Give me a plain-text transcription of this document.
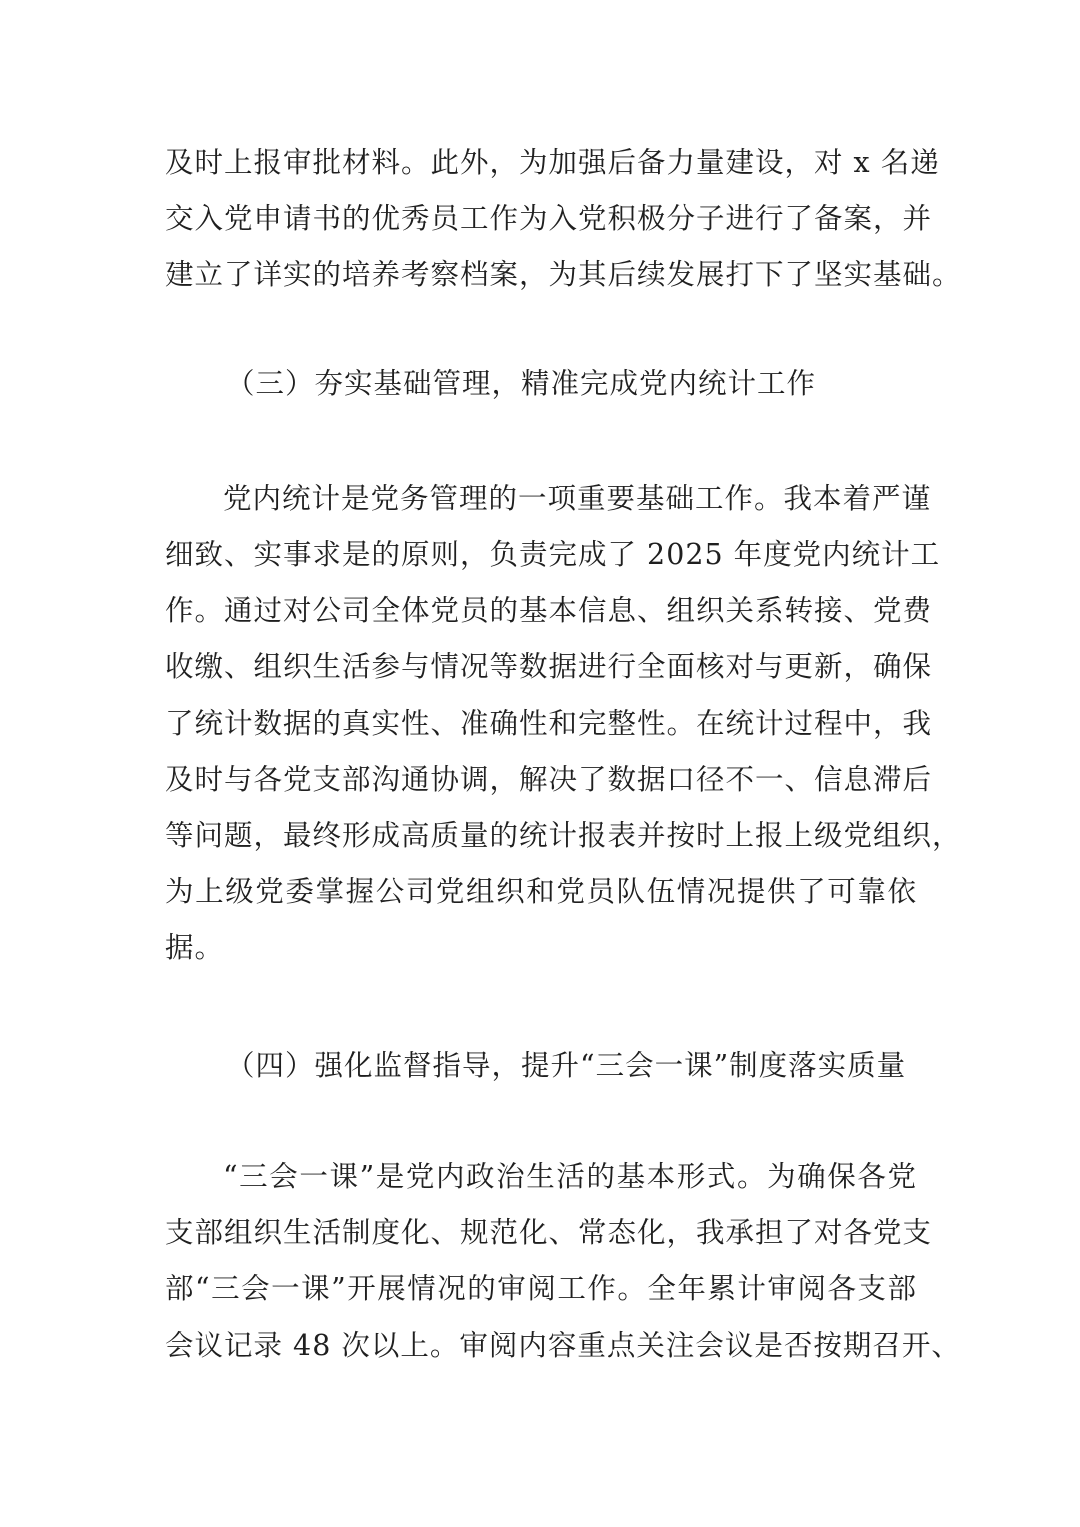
及时上报审批材料。此外，为加强后备力量建设，对 x 名递
交入党申请书的优秀员工作为入党积极分子进行了备案，并
建立了详实的培养考察档案，为其后续发展打下了坚实基础。
（三）夯实基础管理，精准完成党内统计工作
党内统计是党务管理的一项重要基础工作。我本着严谨
细致、实事求是的原则，负责完成了 2025 年度党内统计工
作。通过对公司全体党员的基本信息、组织关系转接、党费
收缴、组织生活参与情况等数据进行全面核对与更新，确保
了统计数据的真实性、准确性和完整性。在统计过程中，我
及时与各党支部沟通协调，解决了数据口径不一、信息滞后
等问题，最终形成高质量的统计报表并按时上报上级党组织，
为上级党委掌握公司党组织和党员队伍情况提供了可靠依
据。
（四）强化监督指导，提升“三会一课”制度落实质量
“三会一课”是党内政治生活的基本形式。为确保各党
支部组织生活制度化、规范化、常态化，我承担了对各党支
部“三会一课”开展情况的审阅工作。全年累计审阅各支部
会议记录 48 次以上。审阅内容重点关注会议是否按期召开、
